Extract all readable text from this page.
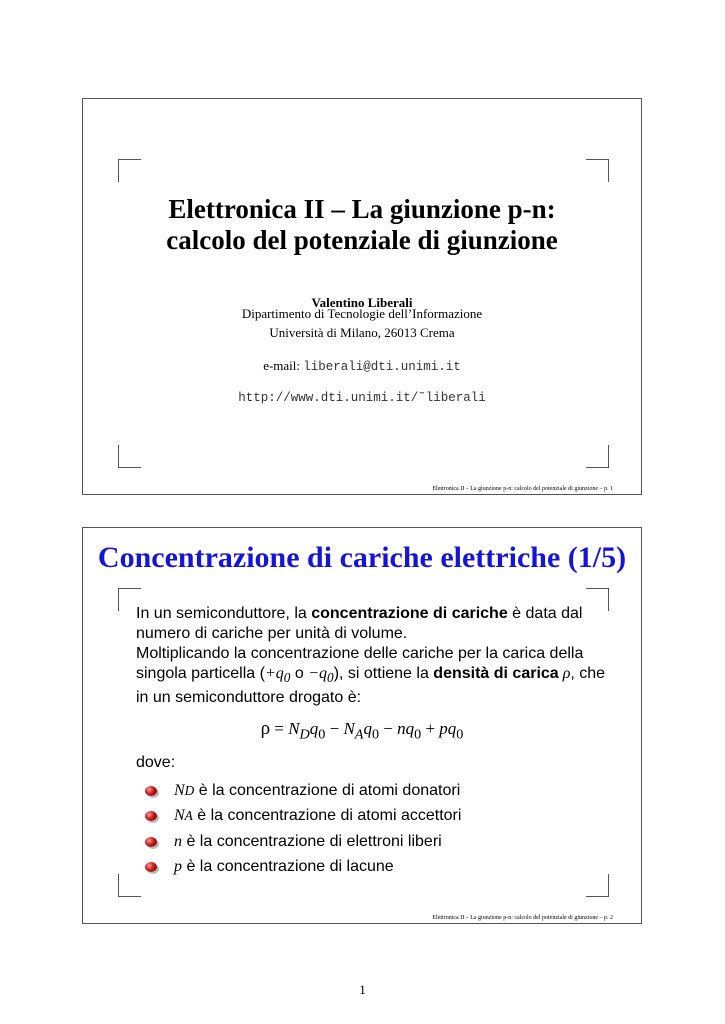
Elettronica II – La giunzione p-n:
calcolo del potenziale di giunzione
Valentino Liberali
Dipartimento di Tecnologie dell’Informazione
Università di Milano, 26013 Crema
e-mail: liberali@dti.unimi.it
http://www.dti.unimi.it/˜liberali
Elettronica II – La giunzione p-n: calcolo del potenziale di giunzione – p. 1
Concentrazione di cariche elettriche (1/5)

In un semiconduttore, la concentrazione di cariche è data dal numero di cariche per unità di volume.

Moltiplicando la concentrazione delle cariche per la carica della singola particella ($+q_0$ $o -q_0$), si ottiene la densità di carica ρ, che in un semiconduttore drogato è:

$\rho = N_Dq_0 - N_Aq_0 - nq_0 + pq_0$
dove:
N D è la concentrazione di atomi donatori
N A è la concentrazione di atomi accettori
n è la concentrazione di elettroni liberi
p è la concentrazione di lacune
Elettronica II – La giunzione p-n: calcolo del potenziale di giunzione – p. 2
1
